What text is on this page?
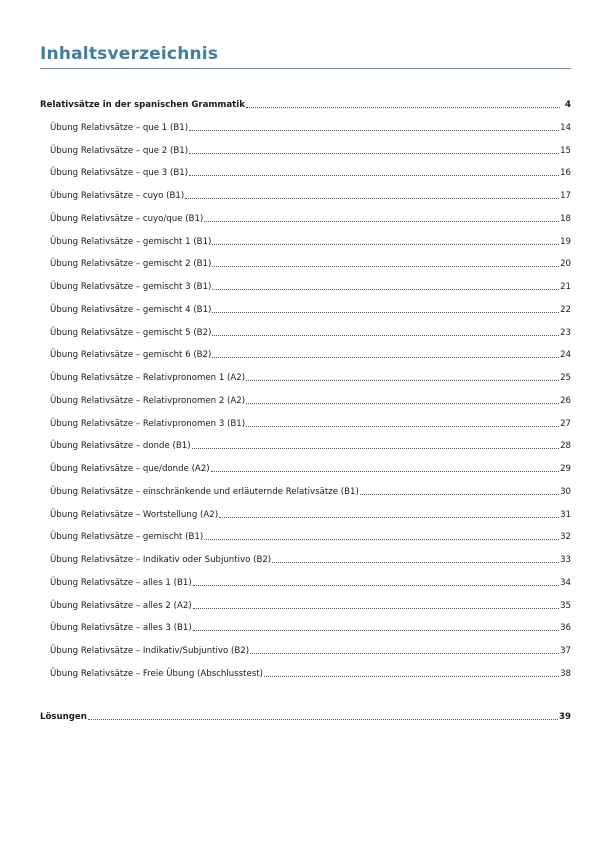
Inhaltsverzeichnis
Relativsätze in der spanischen Grammatik	4
Übung Relativsätze – que 1 (B1)	14
Übung Relativsätze – que 2 (B1)	15
Übung Relativsätze – que 3 (B1)	16
Übung Relativsätze – cuyo (B1)	17
Übung Relativsätze – cuyo/que (B1)	18
Übung Relativsätze – gemischt 1 (B1)	19
Übung Relativsätze – gemischt 2 (B1)	20
Übung Relativsätze – gemischt 3 (B1)	21
Übung Relativsätze – gemischt 4 (B1)	22
Übung Relativsätze – gemischt 5 (B2)	23
Übung Relativsätze – gemischt 6 (B2)	24
Übung Relativsätze – Relativpronomen 1 (A2)	25
Übung Relativsätze – Relativpronomen 2 (A2)	26
Übung Relativsätze – Relativpronomen 3 (B1)	27
Übung Relativsätze – donde (B1)	28
Übung Relativsätze – que/donde (A2)	29
Übung Relativsätze – einschränkende und erläuternde Relativsätze (B1)	30
Übung Relativsätze – Wortstellung (A2)	31
Übung Relativsätze – gemischt (B1)	32
Übung Relativsätze – Indikativ oder Subjuntivo (B2)	33
Übung Relativsätze – alles 1 (B1)	34
Übung Relativsätze – alles 2 (A2)	35
Übung Relativsätze – alles 3 (B1)	36
Übung Relativsätze – Indikativ/Subjuntivo (B2)	37
Übung Relativsätze – Freie Übung (Abschlusstest)	38
Lösungen	39
